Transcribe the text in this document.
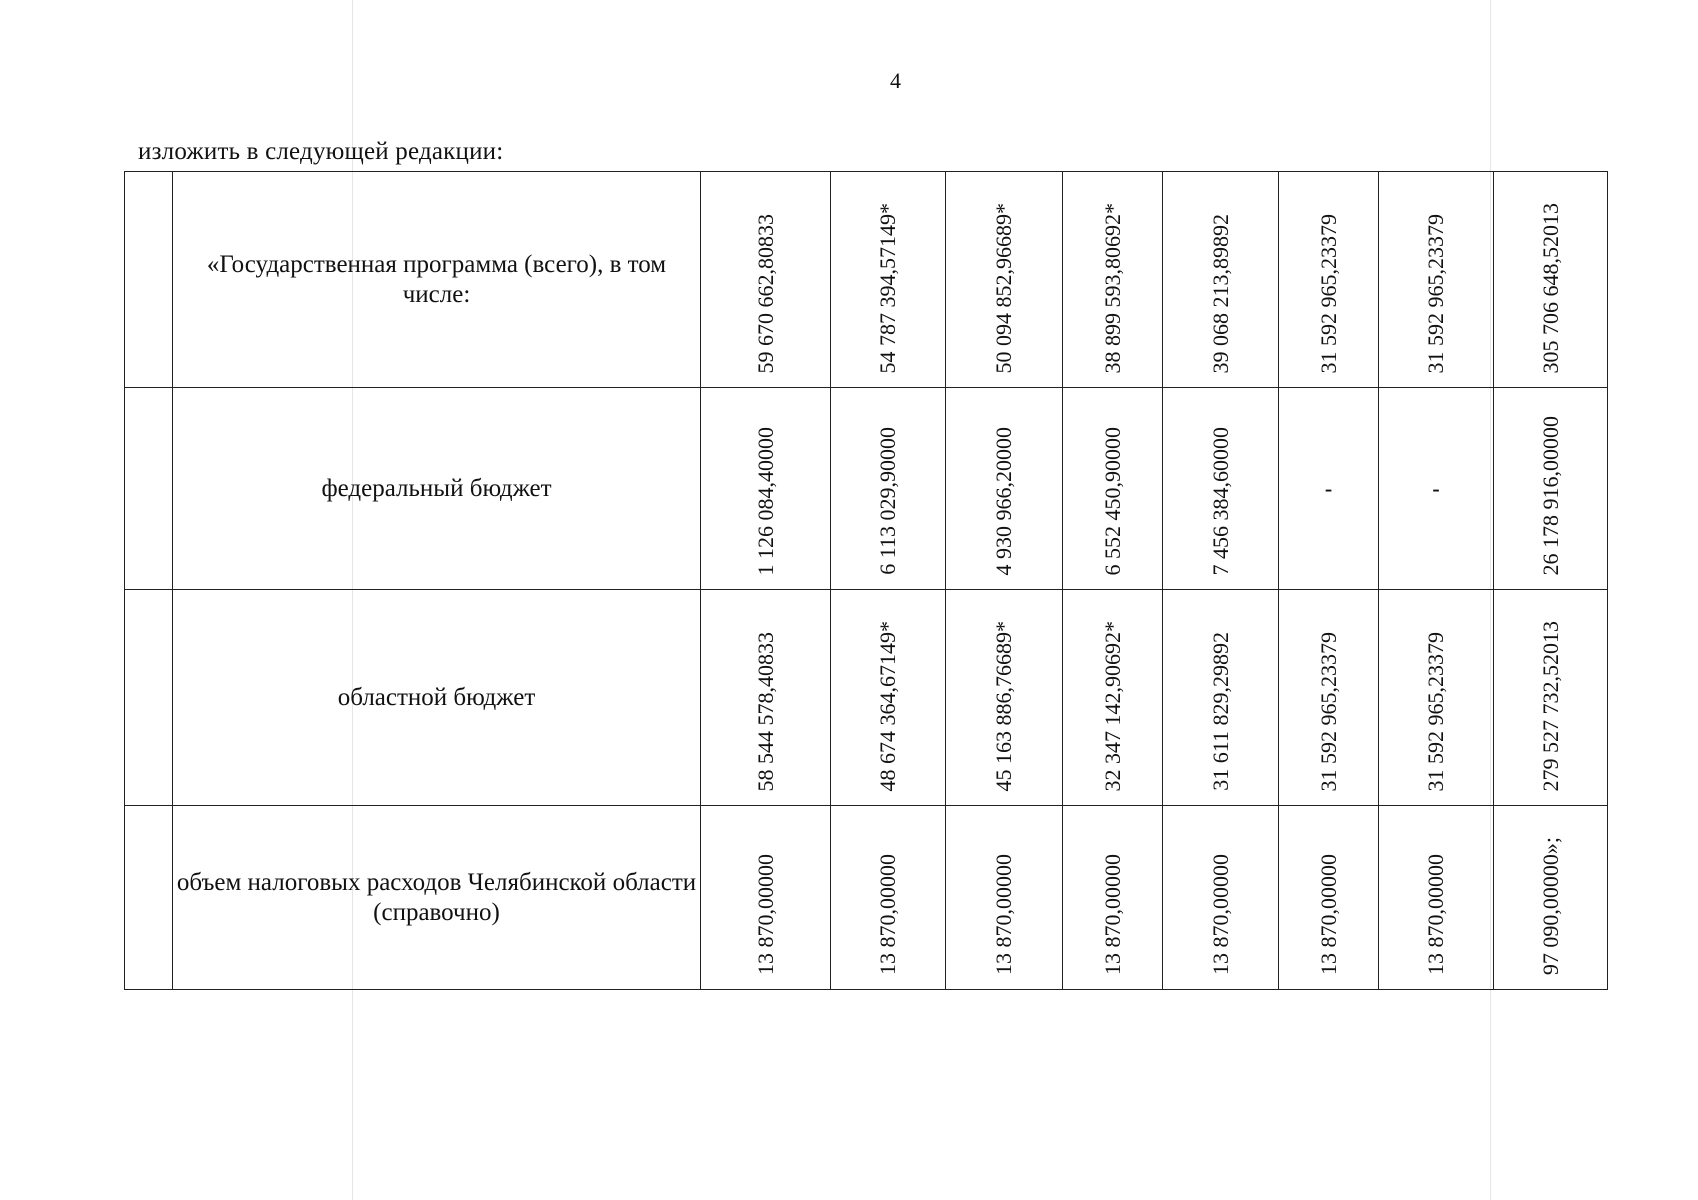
4
изложить в следующей редакции:
	«Государственная программа (всего), в том числе:	59 670 662,80833	54 787 394,57149*	50 094 852,96689*	38 899 593,80692*	39 068 213,89892	31 592 965,23379	31 592 965,23379	305 706 648,52013

	федеральный бюджет	1 126 084,40000	6 113 029,90000	4 930 966,20000	6 552 450,90000	7 456 384,60000	-	-	26 178 916,00000

	областной бюджет	58 544 578,40833	48 674 364,67149*	45 163 886,76689*	32 347 142,90692*	31 611 829,29892	31 592 965,23379	31 592 965,23379	279 527 732,52013

	объем налоговых расходов Челябинской области (справочно)	13 870,00000	13 870,00000	13 870,00000	13 870,00000	13 870,00000	13 870,00000	13 870,00000	97 090,00000»;
